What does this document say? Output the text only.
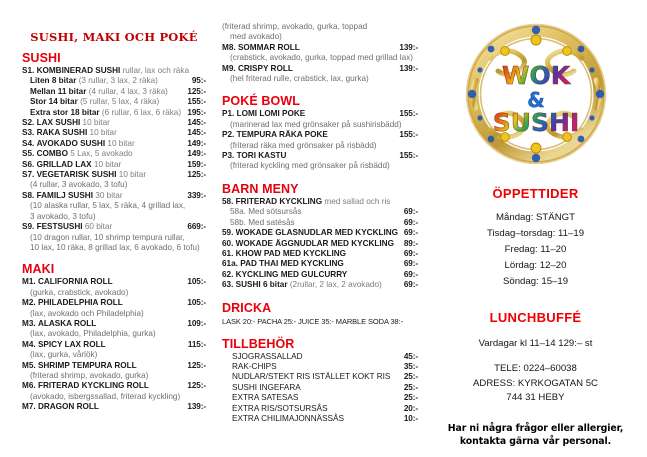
SUSHI, MAKI OCH POKÉ
SUSHI
S1. KOMBINERAD SUSHI rullar, lax och räka
Liten 8 bitar (3 rullar, 3 lax, 2 räka)	95:-
Mellan 11 bitar (4 rullar, 4 lax, 3 räka) 125:-
Stor 14 bitar (5 rullar, 5 lax, 4 räka)	155:-
Extra stor 18 bitar (6 rullar, 6 lax, 6 räka) 195:-
S2. LAX SUSHI 10 bitar	145:-
S3. RAKA SUSHI 10 bitar	145:-
S4. AVOKADO SUSHI 10 bitar	149:-
S5. COMBO 5 Lax, 5 avokado	149:-
S6. GRILLAD LAX 10 bitar	159:-
S7. VEGETARISK SUSHI 10 bitar	125:-
(4 rullar, 3 avokado, 3 tofu)
S8. FAMILJ SUSHI 30 bitar	339:-
(10 alaska rullar, 5 lax, 5 räka, 4 grillad lax,
3 avokado, 3 tofu)
S9. FESTSUSHI 60 bitar	669:-
(10 dragon rullar, 10 shrimp tempura rullar,
10 lax, 10 räka, 8 grillad lax, 6 avokado, 6 tofu)
MAKI
M1. CALIFORNIA ROLL	105:-
(gurka, crabstick, avokado)
M2. PHILADELPHIA ROLL	105:-
(lax, avokado och Philadelphia)
M3. ALASKA ROLL	109:-
(lax, avokado, Philadelphia, gurka)
M4. SPICY LAX ROLL	115:-
(lax, gurka, vårlök)
M5. SHRIMP TEMPURA ROLL	125:-
(friterad shrimp, avokado, gurka)
M6. FRITERAD KYCKLING ROLL	125:-
(avokado, isbergssallad, friterad kyckling)
M7. DRAGON ROLL	139:-
(friterad shrimp, avokado, gurka, toppad
med avokado)
M8. SOMMAR ROLL	139:-
(crabstick, avokado, gurka, toppad med grillad lax)
M9. CRISPY ROLL	139:-
(hel friterad rulle, crabstick, lax, gurka)
POKÉ BOWL
P1. LOMI LOMI POKE	155:-
(marinerad lax med grönsaker på sushirisbädd)
P2. TEMPURA RÄKA POKE	155:-
(friterad räka med grönsaker på risbädd)
P3. TORI KASTU	155:-
(friterad kyckling med grönsaker på risbädd)
BARN MENY
58. FRITERAD KYCKLING med sallad och ris
58a. Med sötsursås	69:-
58b. Med satésås	69:-
59. WOKADE GLASNUDLAR MED KYCKLING 69:-
60. WOKADE ÄGGNUDLAR MED KYCKLING 89:-
61. KHOW PAD MED KYCKLING	69:-
61a. PAD THAI MED KYCKLING	69:-
62. KYCKLING MED GULCURRY	69:-
63. SUSHI 6 bitar (2rullar, 2 lax, 2 avokado)	69:-
DRICKA
LASK 20:- PACHA 25:- JUICE 35:- MARBLE SODA 38:-
TILLBEHÖR
SJOGRASSALLAD	45:-
RAK-CHIPS	35:-
NUDLAR/STEKT RIS ISTÄLLET KOKT RIS 25:-
SUSHI INGEFARA	25:-
EXTRA SATESAS	25:-
EXTRA RIS/SOTSURSÅS	20:-
EXTRA CHILIMAJONNÄSSÅS	10:-
WOK
&
SUSHI
ÖPPETTIDER
Måndag: STÄNGT
Tisdag–torsdag: 11–19
Fredag: 11–20
Lördag: 12–20
Söndag: 15–19
LUNCHBUFFÉ
Vardagar kl 11–14 129:– st
TELE: 0224–60038
ADRESS: KYRKOGATAN 5C
744 31 HEBY
Har ni några frågor eller allergier,
kontakta gärna vår personal.
